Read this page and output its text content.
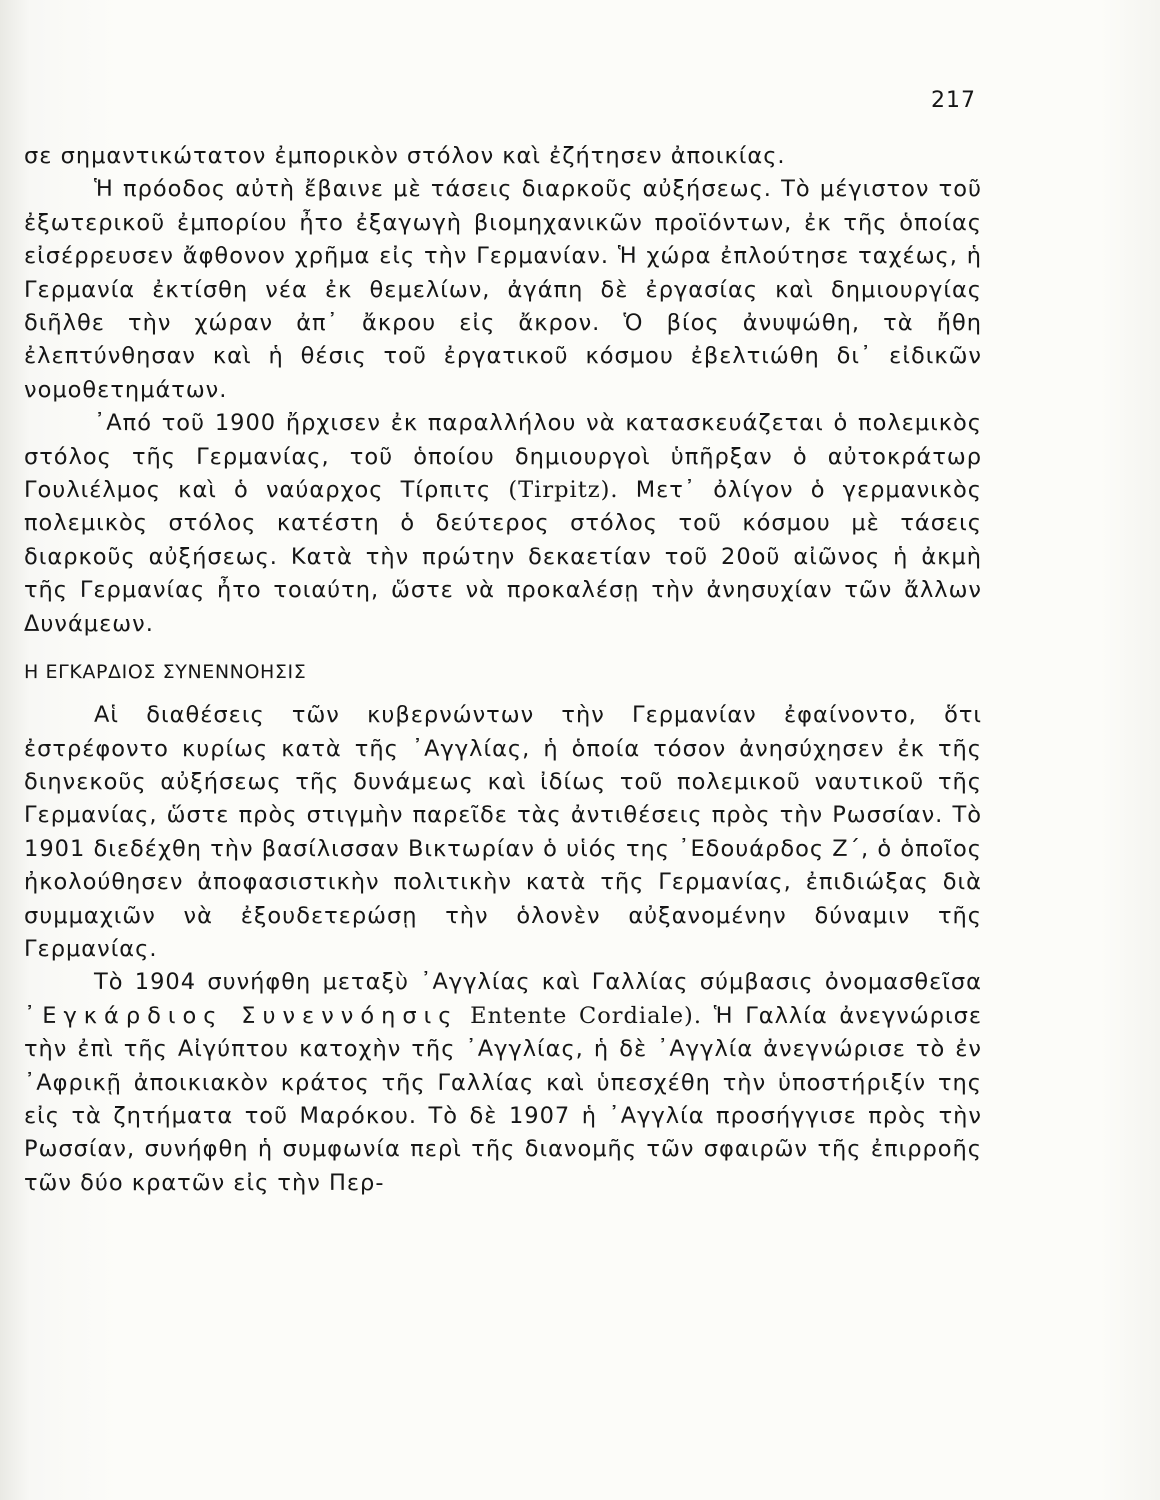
217

σε σημαντικώτατον ἐμπορικὸν στόλον καὶ ἐζήτησεν ἀποικίας.

Ἡ πρόοδος αὐτὴ ἔβαινε μὲ τάσεις διαρκοῦς αὐξήσεως. Τὸ μέγιστον τοῦ ἐξωτερικοῦ ἐμπορίου ἦτο ἐξαγωγὴ βιομηχανικῶν προϊόντων, ἐκ τῆς ὁποίας εἰσέρρευσεν ἄφθονον χρῆμα εἰς τὴν Γερμανίαν. Ἡ χώρα ἐπλούτησε ταχέως, ἡ Γερμανία ἐκτίσθη νέα ἐκ θεμελίων, ἀγάπη δὲ ἐργασίας καὶ δημιουργίας διῆλθε τὴν χώραν ἀπ᾽ ἄκρου εἰς ἄκρον. Ὁ βίος ἀνυψώθη, τὰ ἤθη ἐλεπτύνθησαν καὶ ἡ θέσις τοῦ ἐργατικοῦ κόσμου ἐβελτιώθη δι᾽ εἰδικῶν νομοθετημάτων.

᾽Από τοῦ 1900 ἤρχισεν ἐκ παραλλήλου νὰ κατασκευάζεται ὁ πολεμικὸς στόλος τῆς Γερμανίας, τοῦ ὁποίου δημιουργοὶ ὑπῆρξαν ὁ αὐτοκράτωρ Γουλιέλμος καὶ ὁ ναύαρχος Τίρπιτς (Tirpitz). Μετ᾽ ὀλίγον ὁ γερμανικὸς πολεμικὸς στόλος κατέστη ὁ δεύτερος στόλος τοῦ κόσμου μὲ τάσεις διαρκοῦς αὐξήσεως. Κατὰ τὴν πρώτην δεκαετίαν τοῦ 20οῦ αἰῶνος ἡ ἀκμὴ τῆς Γερμανίας ἦτο τοιαύτη, ὥστε νὰ προκαλέσῃ τὴν ἀνησυχίαν τῶν ἄλλων Δυνάμεων.

Η ΕΓΚΑΡΔΙΟΣ ΣΥΝΕΝΝΟΗΣΙΣ

Αἱ διαθέσεις τῶν κυβερνώντων τὴν Γερμανίαν ἐφαίνοντο, ὅτι ἐστρέφοντο κυρίως κατὰ τῆς ᾽Αγγλίας, ἡ ὁποία τόσον ἀνησύχησεν ἐκ τῆς διηνεκοῦς αὐξήσεως τῆς δυνάμεως καὶ ἰδίως τοῦ πολεμικοῦ ναυτικοῦ τῆς Γερμανίας, ὥστε πρὸς στιγμὴν παρεῖδε τὰς ἀντιθέσεις πρὸς τὴν Ρωσσίαν. Τὸ 1901 διεδέχθη τὴν βασίλισσαν Βικτωρίαν ὁ υἱός της ᾽Εδουάρδος Ζ΄, ὁ ὁποῖος ἠκολούθησεν ἀποφασιστικὴν πολιτικὴν κατὰ τῆς Γερμανίας, ἐπιδιώξας διὰ συμμαχιῶν νὰ ἐξουδετερώσῃ τὴν ὁλονὲν αὐξανομένην δύναμιν τῆς Γερμανίας.

Τὸ 1904 συνήφθη μεταξὺ ᾽Αγγλίας καὶ Γαλλίας σύμβασις ὀνομασθεῖσα ᾽Εγκάρδιος Συνεννόησις Entente Cordiale). Ἡ Γαλλία ἀνεγνώρισε τὴν ἐπὶ τῆς Αἰγύπτου κατοχὴν τῆς ᾽Αγγλίας, ἡ δὲ ᾽Αγγλία ἀνεγνώρισε τὸ ἐν ᾽Αφρικῇ ἀποικιακὸν κράτος τῆς Γαλλίας καὶ ὑπεσχέθη τὴν ὑποστήριξίν της εἰς τὰ ζητήματα τοῦ Μαρόκου. Τὸ δὲ 1907 ἡ ᾽Αγγλία προσήγγισε πρὸς τὴν Ρωσσίαν, συνήφθη ἡ συμφωνία περὶ τῆς διανομῆς τῶν σφαιρῶν τῆς ἐπιρροῆς τῶν δύο κρατῶν εἰς τὴν Περ-
